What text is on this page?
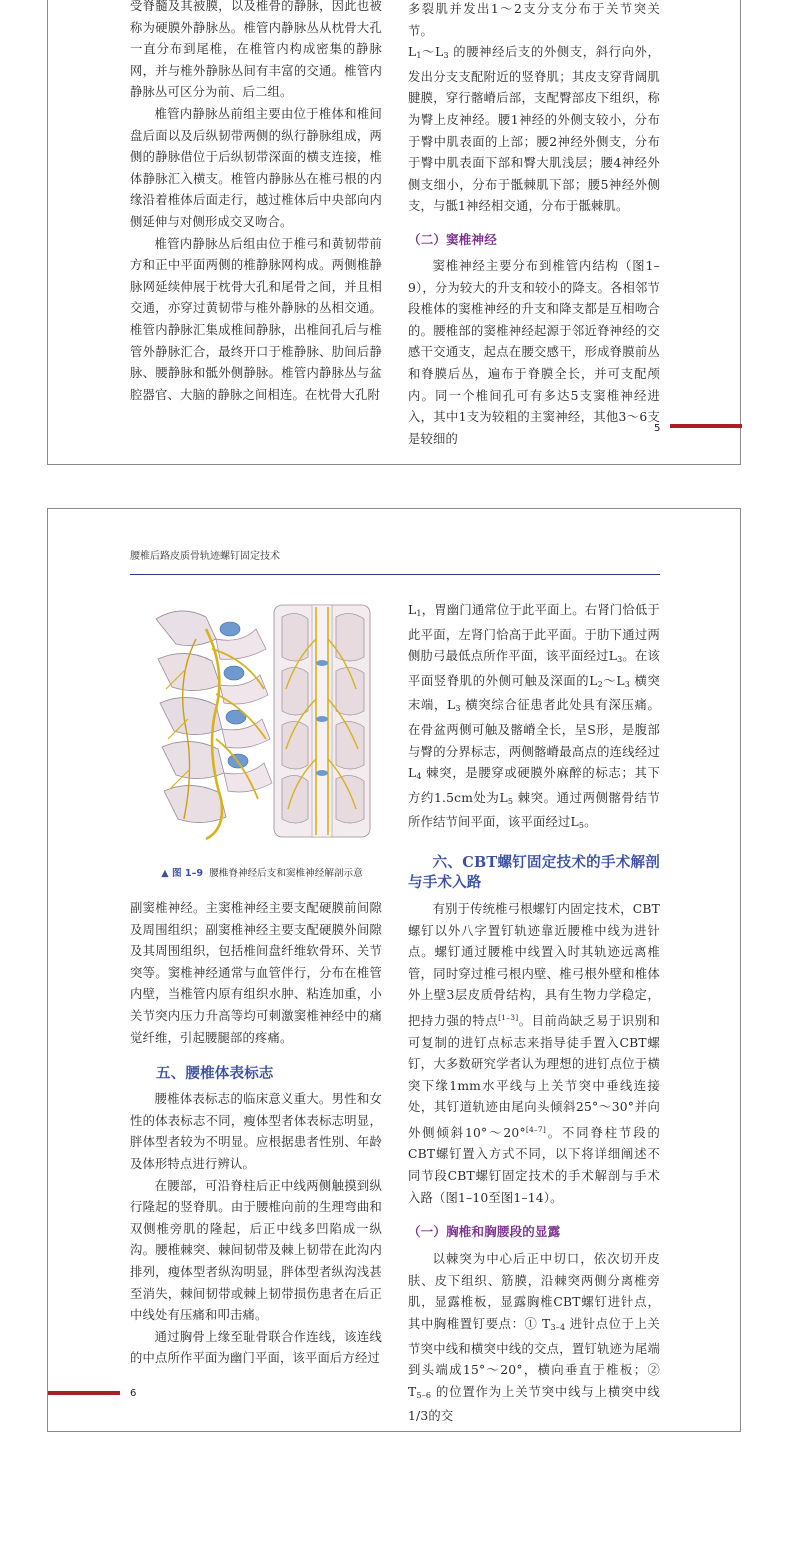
受脊髓及其被膜，以及椎骨的静脉，因此也被称为硬膜外静脉丛。椎管内静脉丛从枕骨大孔一直分布到尾椎，在椎管内构成密集的静脉网，并与椎外静脉丛间有丰富的交通。椎管内静脉丛可区分为前、后二组。

椎管内静脉丛前组主要由位于椎体和椎间盘后面以及后纵韧带两侧的纵行静脉组成，两侧的静脉借位于后纵韧带深面的横支连接，椎体静脉汇入横支。椎管内静脉丛在椎弓根的内缘沿着椎体后面走行，越过椎体后中央部向内侧延伸与对侧形成交叉吻合。

椎管内静脉丛后组由位于椎弓和黄韧带前方和正中平面两侧的椎静脉网构成。两侧椎静脉网延续伸展于枕骨大孔和尾骨之间，并且相交通，亦穿过黄韧带与椎外静脉的丛相交通。椎管内静脉汇集成椎间静脉，出椎间孔后与椎管外静脉汇合，最终开口于椎静脉、肋间后静脉、腰静脉和骶外侧静脉。椎管内静脉丛与盆腔器官、大脑的静脉之间相连。在枕骨大孔附

多裂肌并发出1～2支分支分布于关节突关节。

$L_1\sim L_3$ 的腰神经后支的外侧支，斜行向外，发出分支支配附近的竖脊肌；其皮支穿背阔肌腱膜，穿行髂嵴后部，支配臀部皮下组织，称为臀上皮神经。腰1神经的外侧支较小，分布于臀中肌表面的上部；腰2神经外侧支，分布于臀中肌表面下部和臀大肌浅层；腰4神经外侧支细小，分布于骶棘肌下部；腰5神经外侧支，与骶1神经相交通，分布于骶棘肌。

（二）窦椎神经

窦椎神经主要分布到椎管内结构（图1–9），分为较大的升支和较小的降支。各相邻节段椎体的窦椎神经的升支和降支都是互相吻合的。腰椎部的窦椎神经起源于邻近脊神经的交感干交通支，起点在腰交感干，形成脊膜前丛和脊膜后丛，遍布于脊膜全长，并可支配颅内。同一个椎间孔可有多达5支窦椎神经进入，其中1支为较粗的主窦神经，其他3～6支是较细的

5
腰椎后路皮质骨轨迹螺钉固定技术
▲ 图 1–9 腰椎脊神经后支和窦椎神经解剖示意

副窦椎神经。主窦椎神经主要支配硬膜前间隙及周围组织；副窦椎神经主要支配硬膜外间隙及其周围组织，包括椎间盘纤维软骨环、关节突等。窦椎神经通常与血管伴行，分布在椎管内壁，当椎管内原有组织水肿、粘连加重，小关节突内压力升高等均可刺激窦椎神经中的痛觉纤维，引起腰腿部的疼痛。

五、腰椎体表标志

腰椎体表标志的临床意义重大。男性和女性的体表标志不同，瘦体型者体表标志明显，胖体型者较为不明显。应根据患者性别、年龄及体形特点进行辨认。

在腰部，可沿脊柱后正中线两侧触摸到纵行隆起的竖脊肌。由于腰椎向前的生理弯曲和双侧椎旁肌的隆起，后正中线多凹陷成一纵沟。腰椎棘突、棘间韧带及棘上韧带在此沟内排列，瘦体型者纵沟明显，胖体型者纵沟浅甚至消失，棘间韧带或棘上韧带损伤患者在后正中线处有压痛和叩击痛。

通过胸骨上缘至耻骨联合作连线，该连线的中点所作平面为幽门平面，该平面后方经过

$L_1$，胃幽门通常位于此平面上。右肾门恰低于此平面，左肾门恰高于此平面。于肋下通过两侧肋弓最低点所作平面，该平面经过$L_3$。在该平面竖脊肌的外侧可触及深面的$L_2\sim L_3$ 横突末端，$L_3$ 横突综合征患者此处具有深压痛。在骨盆两侧可触及髂嵴全长，呈S形，是腹部与臀的分界标志，两侧髂嵴最高点的连线经过$L_4$ 棘突，是腰穿或硬膜外麻醉的标志；其下方约1.5cm处为$L_5$ 棘突。通过两侧髂骨结节所作结节间平面，该平面经过$L_5$。

六、CBT螺钉固定技术的手术解剖与手术入路

有别于传统椎弓根螺钉内固定技术，CBT螺钉以外八字置钉轨迹靠近腰椎中线为进针点。螺钉通过腰椎中线置入时其轨迹远离椎管，同时穿过椎弓根内壁、椎弓根外壁和椎体外上壁3层皮质骨结构，具有生物力学稳定，把持力强的特点[1–3]。目前尚缺乏易于识别和可复制的进钉点标志来指导徒手置入CBT螺钉，大多数研究学者认为理想的进钉点位于横突下缘1mm水平线与上关节突中垂线连接处，其钉道轨迹由尾向头倾斜25°～30°并向外侧倾斜10°～20°[4–7]。不同脊柱节段的CBT螺钉置入方式不同，以下将详细阐述不同节段CBT螺钉固定技术的手术解剖与手术入路（图1–10至图1–14）。

（一）胸椎和胸腰段的显露

以棘突为中心后正中切口，依次切开皮肤、皮下组织、筋膜，沿棘突两侧分离椎旁肌，显露椎板，显露胸椎CBT螺钉进针点，其中胸椎置钉要点：① $T_{3-4}$ 进针点位于上关节突中线和横突中线的交点，置钉轨迹为尾端到头端成15°～20°，横向垂直于椎板；② $T_{5-6}$ 的位置作为上关节突中线与上横突中线1/3的交

6
